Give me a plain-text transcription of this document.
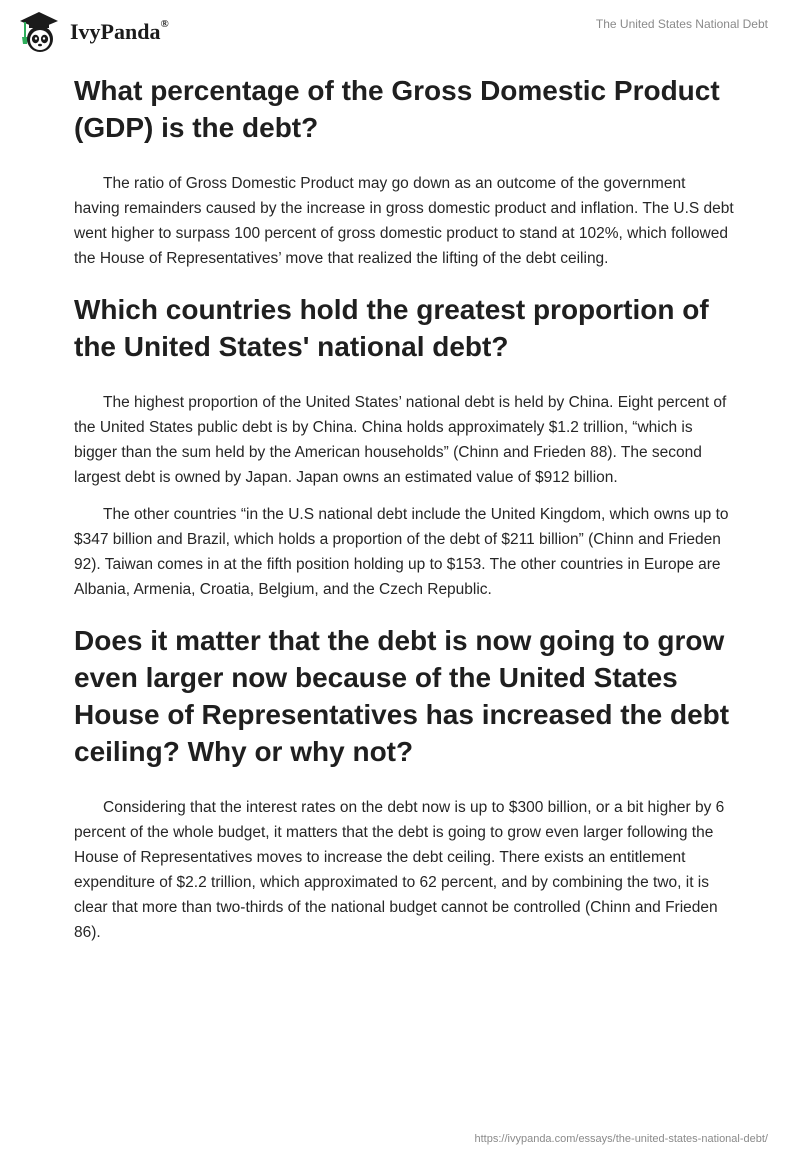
IvyPanda®	The United States National Debt
What percentage of the Gross Domestic Product (GDP) is the debt?

The ratio of Gross Domestic Product may go down as an outcome of the government having remainders caused by the increase in gross domestic product and inflation. The U.S debt went higher to surpass 100 percent of gross domestic product to stand at 102%, which followed the House of Representatives’ move that realized the lifting of the debt ceiling.

Which countries hold the greatest proportion of the United States' national debt?

The highest proportion of the United States’ national debt is held by China. Eight percent of the United States public debt is by China. China holds approximately $1.2 trillion, “which is bigger than the sum held by the American households” (Chinn and Frieden 88). The second largest debt is owned by Japan. Japan owns an estimated value of $912 billion.

The other countries “in the U.S national debt include the United Kingdom, which owns up to $347 billion and Brazil, which holds a proportion of the debt of $211 billion” (Chinn and Frieden 92). Taiwan comes in at the fifth position holding up to $153. The other countries in Europe are Albania, Armenia, Croatia, Belgium, and the Czech Republic.

Does it matter that the debt is now going to grow even larger now because of the United States House of Representatives has increased the debt ceiling? Why or why not?

Considering that the interest rates on the debt now is up to $300 billion, or a bit higher by 6 percent of the whole budget, it matters that the debt is going to grow even larger following the House of Representatives moves to increase the debt ceiling. There exists an entitlement expenditure of $2.2 trillion, which approximated to 62 percent, and by combining the two, it is clear that more than two-thirds of the national budget cannot be controlled (Chinn and Frieden 86).

https://ivypanda.com/essays/the-united-states-national-debt/
